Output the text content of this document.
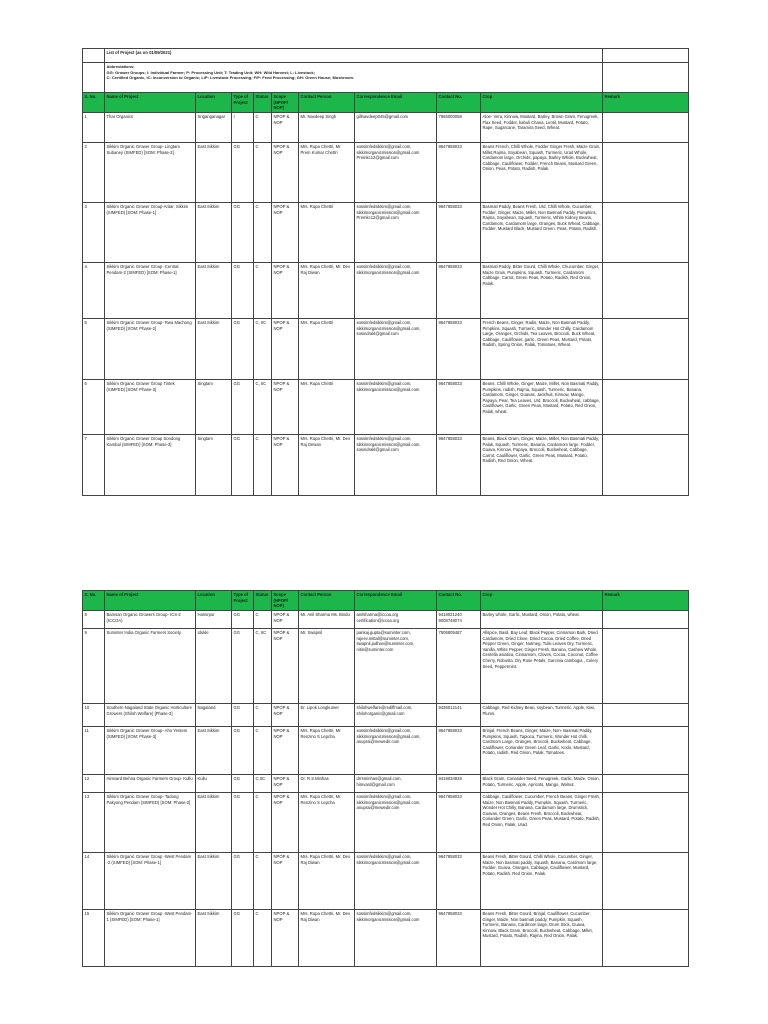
	List of Project (as on 01/09/2021)									

	Abbreviations:
GG: Grower Groups; I: Individual Farmer; P: Processing Unit; T: Trading Unit; WH: Wild Harvest; L: Livestock;
C: Certified Organic, IC: Inconversion to Organic; L/P: Livestock Processing; F/P: Feed Processing; GH: Green House; Mushroom.									

S. No.	Name of Project	Location	Type of Project	Status	Scope (NPOP/ NOP)	Contact Person	Correspondence Email	Contact No.	Crop	Remark
1	Thar Organics	Sriganganagar	I	C	NPOP & NOP	Mr. Navdeep Singh	gillnavdeep045@gmail.com	7665000058	Aloe- Vera, Kinnow, Mustard, Barley, Brown Gram, Fenugreek, Flax Seed, Fodder, kabuli Chana, Lentil, Mustard, Potato, Rape, Sugarcane, Taramira Seed, Wheat.	
2	Sikkim Organic Grower Group- Lingtam Subaney (SIMFED) [SOM: Phase-2]	East Sikkim	GG	C	NPOP & NOP	Mrs. Rupa Chettri, Mr. Prem Kumar Chettri	sossimfedsikkim@gmail.com, sikkimorganicmission@gmail.com Premkc12@gmail.com	9647858033	Beans French, Chilli Whole, Fodder Ginger Fresh, Maize Grain, Millet,Rajma, Soyabean, Squash, Turmeric, Urad Whole, Cardamom large, Orchids, papaya, Barley Whole, Buckwheat, Cabbage, Cauliflower, Fodder, French Beans, Mustard Green, Onion, Peas, Potato, Radish, Palak.	
3	Sikkim Organic Grower Group-Aritar, Sikkim (SIMFED) [SOM: Phase-1]	East Sikkim	GG	C	NPOP & NOP	Mrs. Rupa Chettri	sossimfedsikkim@gmail.com, sikkimorganicmission@gmail.com Premkc12@gmail.com	9647858033	Basmati Paddy, Beans Fresh, Urd, Chilli Whole, Cucumber, Fodder, Ginger, Maize, Millet, Non Basmati Paddy, Pumpkins, Rajma, Soyabean, Squash, Turmeric, White Kidney Beans, Cardamom, Cardamom large, Oranges, Buck Wheat, Cabbage, Fodder, Mustard Black, Mustard Green, Peas, Potato, Radish.	
4	Sikkim Organic Grower Group -Central Pendam-2 (SIMFED) [SOM: Phase-1]	East Sikkim	GG	C	NPOP & NOP	Mrs. Rupa Chettri, Mr. Dev Raj Diwan	sossimfedsikkim@gmail.com, sikkimorganicmission@gmail.com	9647858033	Basmati Paddy, Bitter Gourd, Chilli Whole, Chucumber, Ginger, Maize Grain, Pumpkins, Squash, Turmeric, Cardamom Cabbage, Carrot, Green Peas, Potato, Radish, Red Onion, Palak.	
5	Sikkim Organic Grower Group- Rwa Machong (SIMFED) [SOM: Phase-2]	East Sikkim	GG	C, IIC	NPOP & NOP	Mrs. Rupa Chettri	sossimfedsikkim@gmail.com, sikkimorganicmission@gmail.com, sosindrakl@gmail.com	9647858033	French Beans, Ginger, Radis, Maize, Non Basmati Paddy, Pimpkins, Squash, Turmeric, Wonder Hot Chilly, Cardamom Large, Oranges, Orchids, Tea Leaves, Broccoli, Buck Wheat, Cabbage, Cauliflower, garlic, Green Peas, Mustard, Potato, Radish, Spring Onion, Palak, Tomatoes, Wheat.	
6	Sikkim Organic Grower Group Tintek (SIMFED) [SOM: Phase-3]	Singtam	GG	C, IIC	NPOP & NOP	Mrs. Rupa Chettri	sossimfedsikkim@gmail.com, sikkimorganicmission@gmail.com	9647858033	Beans, Chilli Whole, Ginger, Maize, Millet, Non Basmati Paddy, Pumpkins, radish, Rajma, Squash, Turmeric, Banana, Cardamom, Ginger, Guavas, Jackfruit, Kinnow, Mango, Papaya, Pear, Tea Leaves, Urd, Broccoli, Buckwheat, cabbage, Cauliflower, Garlic, Green Peas, Mustard, Potato, Red Onion, Palak, wheat.	
7	Sikkim Organic Grower Group Sondong Kambal (SIMFED) [SOM: Phase-3]	Singtam	GG	C	NPOP & NOP	Mrs. Rupa Chettri, Mr. Dev Raj Dewan	sossimfedsikkim@gmail.com, sikkimorganicmission@gmail.com, sosindrakl@gmail.com	9647858033	Beans, Black Gram, Ginger, Maize, Millet, Non Basmati Paddy, Palak, Squash, Turmeric, Banana, Cardamom large, Fodder, Guava, Kinnow, Papaya, Broccoli, Buckwheat, Cabbage, Carrot, Cauliflower, Garlic, Green Peas, Mustard, Potato, Radish, Red Onion, Wheat.	
S. No.	Name of Project	Location	Type of Project	Status	Scope (NPOP/ NOP)	Contact Person	Correspondence Email	Contact No.	Crop	Remark
8	Bamsan Organic Growers Group- ICS-2 (ICCOA)	Hamirpur	GG	C	NPOP & NOP	Mr. Anil Sharma Ms. Bindu	anilsharma@iccoa.org certification@iccoa.org	9418021240 9008748074	Barley whole, Garlic, Mustard, Onion, Potato, wheat.	
9	Suminter India Organic Farmers Society	Idukki	GG	C, IIC	NPOP & NOP	Mr. Swapnil	pankaj.gupta@suminter.com, rajeev.mittal@suminter.com, swapnil.jadhav@suminter.com, nitin@suminter.com	7506805487	Allspice, Basil, Bay Leaf, Black Pepper, Cinnamon Bark, Dried Cardamom, Dried Clove, Dried Cocoa, Dried Coffee, Dried Pepper Green, Ginger, Nutmeg, Tulsi Leaves Dry, Turmeric, Vanilla, White Pepper, Ginger Fresh, Banana, Cashew Whole, Centella asiatica, Cinnamom, Cloves, Cocoa, Coconut, Coffee Cherry, Robusta, Dry Rose Petals, Garcinia cambogia , Celery Seed, Peppermint.	
10	Southern Nagaland State Organic Horticulture Growers (Shiloh Welfare) [Phase-3]	Nagaland	GG	C	NPOP & NOP	Er. Lipok Longkumer	shilohwelfare@rediffmail.com, shilohorganic@gmail.com	9436012141	Cabbage, Red Kidney Bean, soybean, Turmeric, Apple, Kiwi, Plums.	
11	Sikkim Organic Grower Group- Aho Yentem (SIMFED) [SOM: Phase-3]	East Sikkim	GG	C	NPOP & NOP	Mrs. Rupa Chettri, Mr. Renzino S Lepcha	sossimfedsikkim@gmail.com, sikkimorganicmission@gmail.com, anuprai@mewedir.com	9647858033	Brinjal, French Beans, Ginger, Maize, Non- Basmati Paddy, Pumpkins, Squash, Tapioca, Turmeric, Wonder Hot chilli, Cardmom Large, Oranges, Broccoli, Buckwheat, Cabbage, Cauliflower, Coriander Green Leaf, Garlic, Kodo, Mustard, Potato, radish, Red Onion, Palak, Tomatoes.	
12	Himvard Behna Organic Farmers Group- Kullu	Kullu	GG	C,IIC	NPOP & NOP	Dr. R.S.Minhas	drrsminhas@gmail.com, himvard@gmail.com	9418034928	Black Gram, Coriander Seed, Fenugreek, Garlic, Maize, Onion, Potato, Turmeric, Apple, Apricots, Mango, Walnut.	
13	Sikkim Organic Grower Group- Tadong Pakyong Pendam (SIMFED) [SOM: Phase-2]	East Sikkim	GG	C	NPOP & NOP	Mrs. Rupa Chettri, Mr. Renzino S Lepcha	sossimfedsikkim@gmail.com, sikkimorganicmission@gmail.com, anuprai@mewedir.com	9647858033	Cabbage, Cauliflower, Cucumber, French Beans, Ginger Fresh, Maize, Non Basmati Paddy, Pumpkin, Squash, Turmeric, Wonder Hot Chilly, Banana, Cardamom large, Drumstick, Guavas, Oranges, Beans Fresh, Broccoli, Buckwheat, Coriander Green, Garlic, Green Peas, Mustard, Potato, Radish, Red Onion, Palak, Urad.	
14	Sikkim Organic Grower Group -West Pendam -2 (SIMFED) [SOM: Phase-1]	East Sikkim	GG	C	NPOP & NOP	Mrs. Rupa Chettri, Mr. Dev Raj Diwan	sossimfedsikkim@gmail.com, sikkimorganicmission@gmail.com	9647858033	Beans Fresh, Bitter Gourd, Chilli Whole, Cucumber, Ginger, Maize, Non basmati paddy, Squash, Banana, Cardmom large, Fodder, Guava, Oranges, Cabbage, Cauliflower, Mustard, Potato, Radish, Red Onion, Palak.	
15	Sikkim Organic Grower Group -West Pendam-1 (SIMFED) [SOM: Phase-1]	East Sikkim	GG	C	NPOP & NOP	Mrs. Rupa Chettri, Mr. Dev Raj Diwan	sossimfedsikkim@gmail.com, sikkimorganicmission@gmail.com	9647858033	Beans Fresh, Bitter Gourd, Brinjal, Cauliflower, Cucumber, Ginger, Maize, Non basmati paddy, Pumpkin, Squash, Turmeric, Banana, Cardmom large, Drum Stick, Guava, Kinnow, Black Gram, Broccoli, Buckwheat, Cabbage, Millet, Mustard, Potato, Radish, Rajma, Red Onion, Palak.	
